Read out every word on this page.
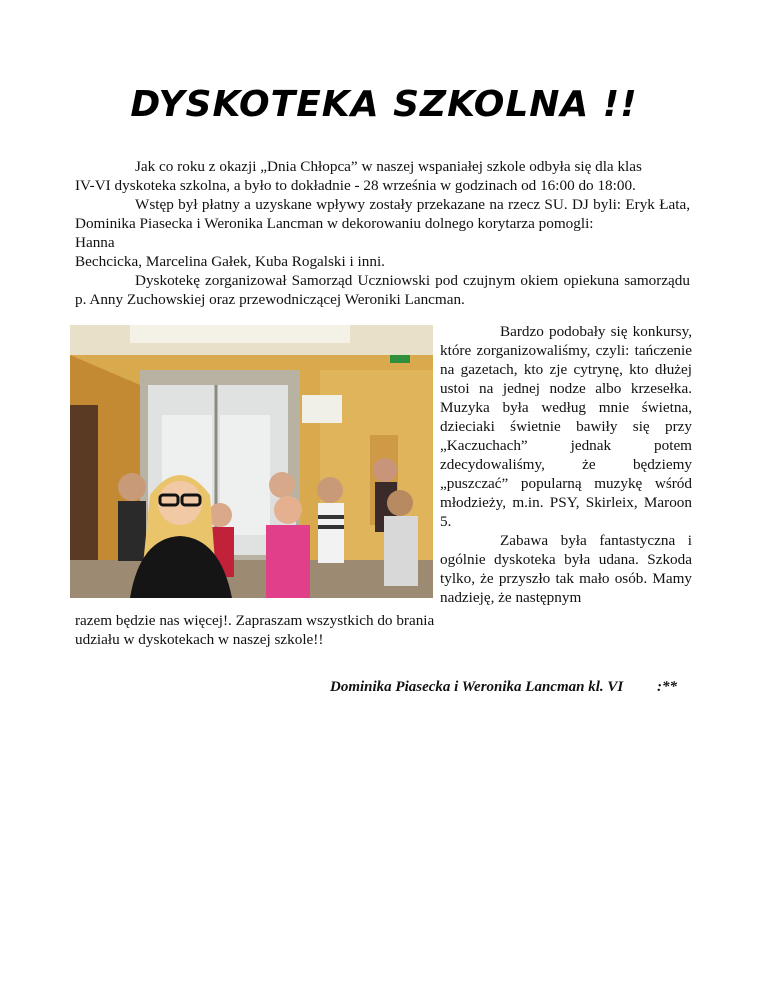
DYSKOTEKA SZKOLNA !!
Jak co roku z okazji „Dnia Chłopca” w naszej wspaniałej szkole odbyła się dla klas
IV-VI dyskoteka szkolna, a było to dokładnie - 28 września w godzinach od 16:00 do 18:00.
Wstęp był płatny a uzyskane wpływy zostały przekazane na rzecz SU. DJ byli: Eryk Łata, Dominika Piasecka i Weronika Lancman w dekorowaniu dolnego korytarza pomogli:
Hanna
Bechcicka, Marcelina Gałek, Kuba Rogalski i inni.
Dyskotekę zorganizował Samorząd Uczniowski pod czujnym okiem opiekuna samorządu p. Anny Zuchowskiej oraz przewodniczącej Weroniki Lancman.

Bardzo podobały się konkursy, które zorganizowaliśmy, czyli: tańczenie na gazetach, kto zje cytrynę, kto dłużej ustoi na jednej nodze albo krzesełka. Muzyka była według mnie świetna, dzieciaki świetnie bawiły się przy „Kaczuchach” jednak potem zdecydowaliśmy, że będziemy „puszczać” popularną muzykę wśród młodzieży, m.in. PSY, Skirleix, Maroon 5.

Zabawa była fantastyczna i ogólnie dyskoteka była udana. Szkoda tylko, że przyszło tak mało osób. Mamy nadzieję, że następnym

razem będzie nas więcej!. Zapraszam wszystkich do brania
udziału w dyskotekach w naszej szkole!!
Dominika Piasecka i Weronika Lancman kl. VI :**
